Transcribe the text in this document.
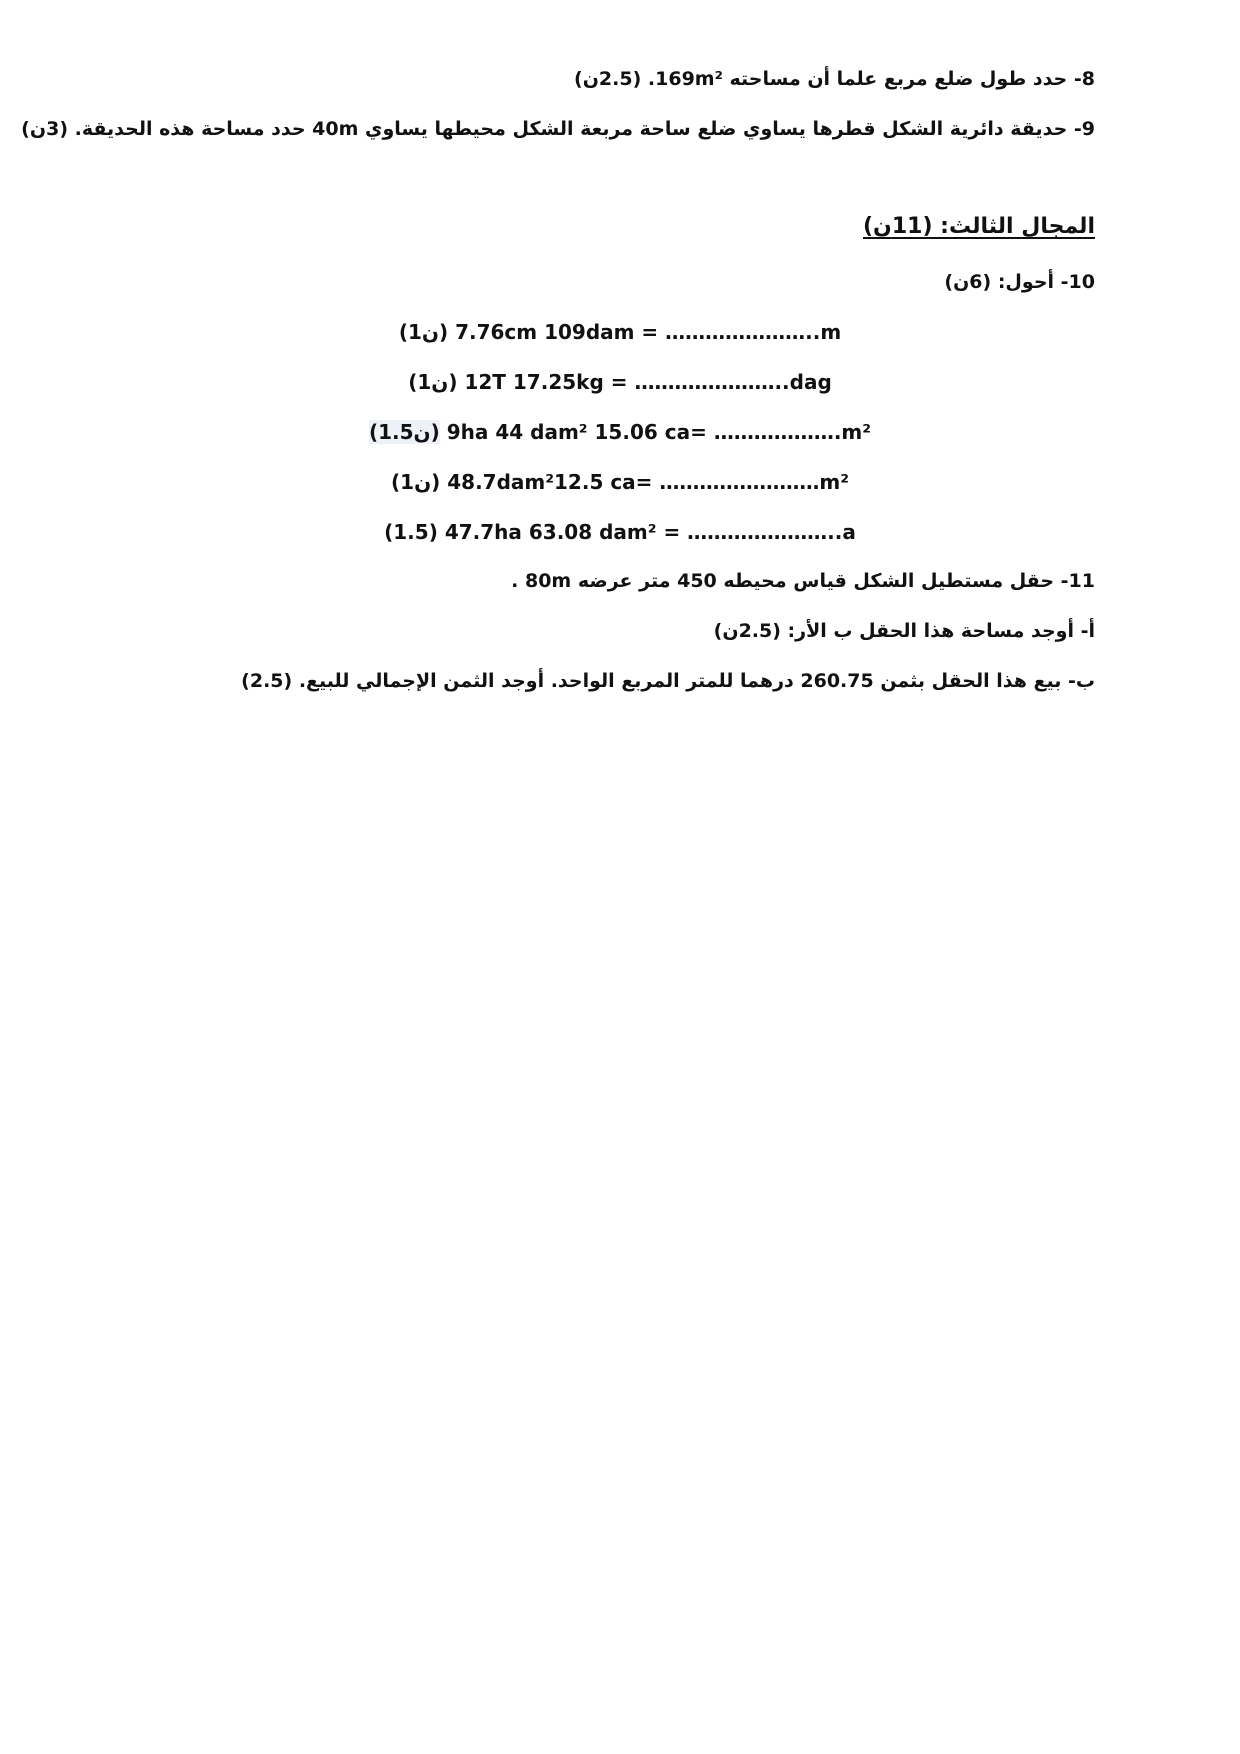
8- حدد طول ضلع مربع علما أن مساحته 169m². (2.5ن)
9- حديقة دائرية الشكل قطرها يساوي ضلع ساحة مربعة الشكل محيطها يساوي 40m حدد مساحة هذه الحديقة. (3ن)
المجال الثالث: (11ن)
10- أحول: (6ن)
(1ن) 7.76cm 109dam = …………………..m
(1ن) 12T 17.25kg = …………………..dag
(1.5ن) 9ha 44 dam² 15.06 ca= ……………….m²
(1ن) 48.7dam²12.5 ca= ……………………m²
(1.5) 47.7ha 63.08 dam² = …………………..a
11- حقل مستطيل الشكل قياس محيطه 450 متر عرضه 80m .
أ- أوجد مساحة هذا الحقل ب الأر: (2.5ن)
ب- بيع هذا الحقل بثمن 260.75 درهما للمتر المربع الواحد. أوجد الثمن الإجمالي للبيع. (2.5)
